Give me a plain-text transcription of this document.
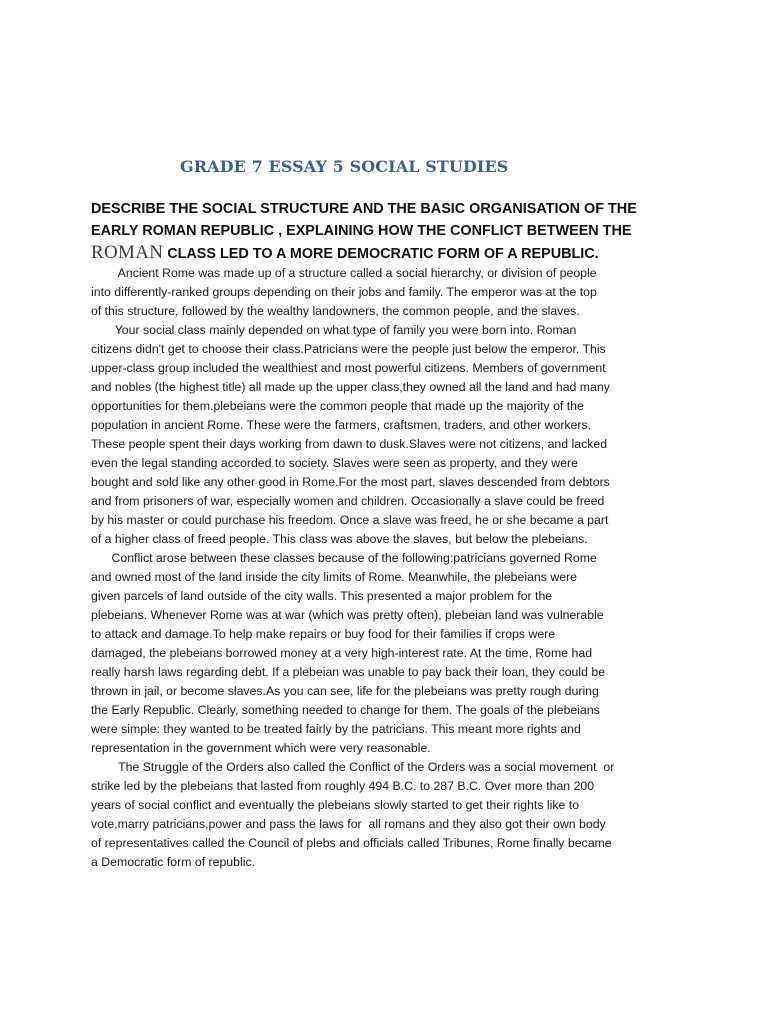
GRADE 7 ESSAY 5 SOCIAL STUDIES
DESCRIBE THE SOCIAL STRUCTURE AND THE BASIC ORGANISATION OF THE
EARLY ROMAN REPUBLIC , EXPLAINING HOW THE CONFLICT BETWEEN THE
ROMAN CLASS LED TO A MORE DEMOCRATIC FORM OF A REPUBLIC.
Ancient Rome was made up of a structure called a social hierarchy, or division of people
into differently-ranked groups depending on their jobs and family. The emperor was at the top
of this structure, followed by the wealthy landowners, the common people, and the slaves.
Your social class mainly depended on what type of family you were born into. Roman
citizens didn't get to choose their class.Patricians were the people just below the emperor. This
upper-class group included the wealthiest and most powerful citizens. Members of government
and nobles (the highest title) all made up the upper class,they owned all the land and had many
opportunities for them.plebeians were the common people that made up the majority of the
population in ancient Rome. These were the farmers, craftsmen, traders, and other workers.
These people spent their days working from dawn to dusk.Slaves were not citizens, and lacked
even the legal standing accorded to society. Slaves were seen as property, and they were
bought and sold like any other good in Rome.For the most part, slaves descended from debtors
and from prisoners of war, especially women and children. Occasionally a slave could be freed
by his master or could purchase his freedom. Once a slave was freed, he or she became a part
of a higher class of freed people. This class was above the slaves, but below the plebeians.
Conflict arose between these classes because of the following:patricians governed Rome
and owned most of the land inside the city limits of Rome. Meanwhile, the plebeians were
given parcels of land outside of the city walls. This presented a major problem for the
plebeians. Whenever Rome was at war (which was pretty often), plebeian land was vulnerable
to attack and damage.To help make repairs or buy food for their families if crops were
damaged, the plebeians borrowed money at a very high-interest rate. At the time, Rome had
really harsh laws regarding debt. If a plebeian was unable to pay back their loan, they could be
thrown in jail, or become slaves.As you can see, life for the plebeians was pretty rough during
the Early Republic. Clearly, something needed to change for them. The goals of the plebeians
were simple: they wanted to be treated fairly by the patricians. This meant more rights and
representation in the government which were very reasonable.
The Struggle of the Orders also called the Conflict of the Orders was a social movement  or
strike led by the plebeians that lasted from roughly 494 B.C. to 287 B.C. Over more than 200
years of social conflict and eventually the plebeians slowly started to get their rights like to
vote,marry patricians,power and pass the laws for  all romans and they also got their own body
of representatives called the Council of plebs and officials called Tribunes, Rome finally became
a Democratic form of republic.
